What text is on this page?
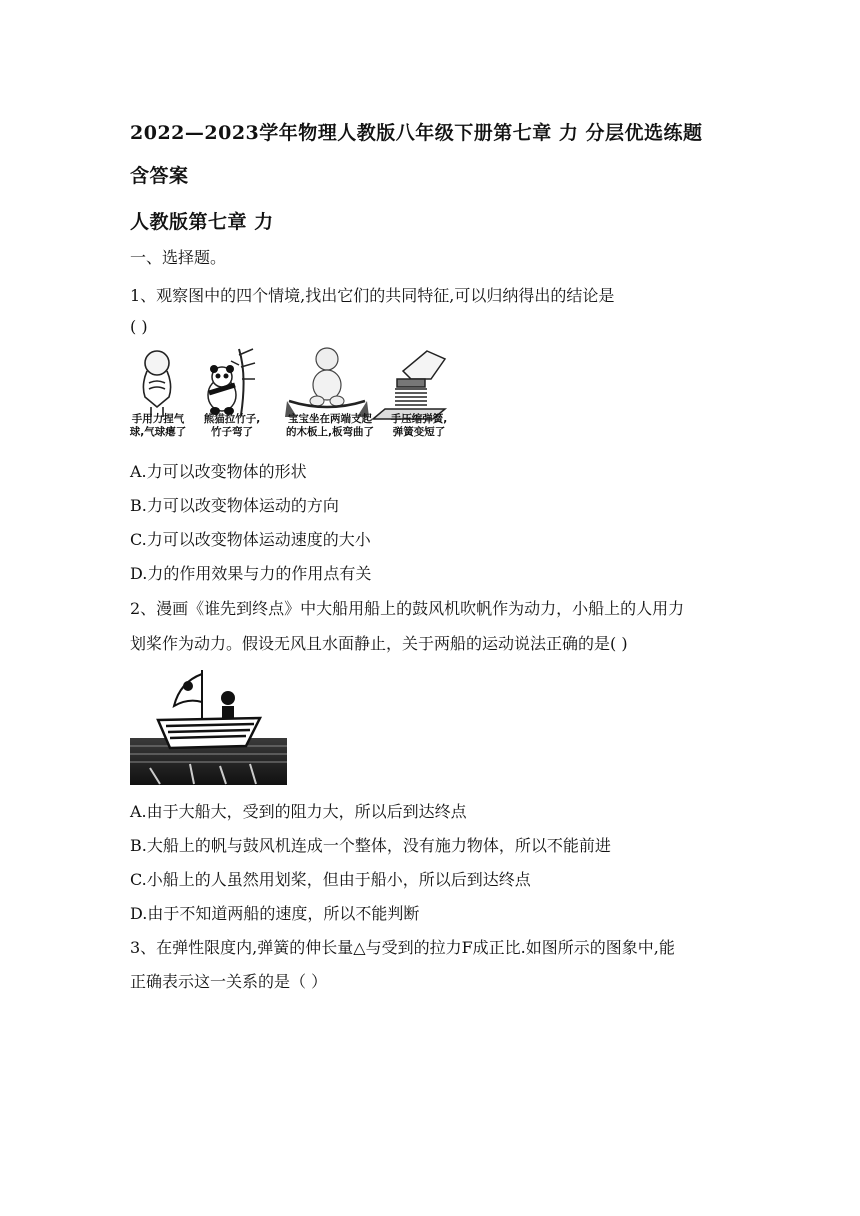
2022—2023学年物理人教版八年级下册第七章 力 分层优选练题
含答案
人教版第七章 力
一、选择题。
1、观察图中的四个情境,找出它们的共同特征,可以归纳得出的结论是
( )
手用力捏气
球,气球瘪了
熊猫拉竹子,
竹子弯了
宝宝坐在两端支起
的木板上,板弯曲了
手压缩弹簧,
弹簧变短了
A.力可以改变物体的形状
B.力可以改变物体运动的方向
C.力可以改变物体运动速度的大小
D.力的作用效果与力的作用点有关
2、漫画《谁先到终点》中大船用船上的鼓风机吹帆作为动力，小船上的人用力
划桨作为动力。假设无风且水面静止，关于两船的运动说法正确的是( )
A.由于大船大，受到的阻力大，所以后到达终点
B.大船上的帆与鼓风机连成一个整体，没有施力物体，所以不能前进
C.小船上的人虽然用划桨，但由于船小，所以后到达终点
D.由于不知道两船的速度，所以不能判断
3、在弹性限度内,弹簧的伸长量△与受到的拉力F成正比.如图所示的图象中,能
正确表示这一关系的是（ ）
